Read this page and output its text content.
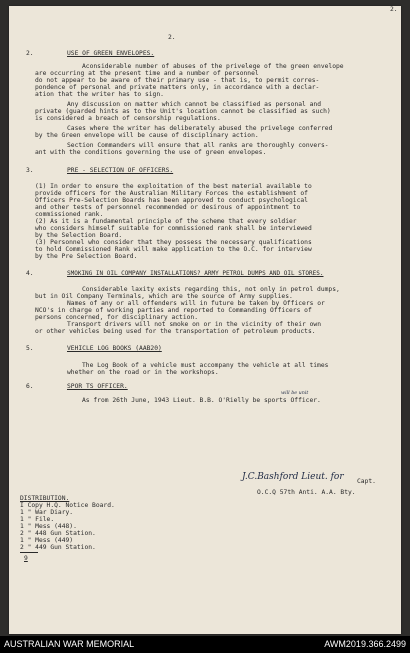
2.
2.
2.	USE OF GREEN ENVELOPES.
Aconsiderable number of abuses of the privelege of the green envelope
are occurring at the present time and a number of personnel
do not appear to be aware of their primary use - that is, to permit corres-
pondence of personal and private matters only, in accordance with a declar-
ation that the writer has to sign.
Any discussion on matter which cannot be classified as personal and
private (guarded hints as to the Unit's location cannot be classified as such)
is considered a breach of censorship regulations.
Cases where the writer has deliberately abused the privelege conferred
by the Green envelope will be cause of disciplinary action.
Section Commanders will ensure that all ranks are thoroughly convers-
ant with the conditions governing the use of green envelopes.
3.	PRE - SELECTION OF OFFICERS.
(1) In order to ensure the exploitation of the best material available to
provide officers for the Australian Military Forces the establishment of
Officers Pre-Selection Boards has been approved to conduct psychological
and other tests of personnel recommended or desirous of appointment to
commissioned rank.
(2) As it is a fundamental principle of the scheme that every soldier
who considers himself suitable for commissioned rank shall be interviewed
by the Selection Board.
(3) Personnel who consider that they possess the necessary qualifications
to hold Commissioned Rank will make application to the O.C. for interview
by the Pre Selection Board.
4.	SMOKING IN OIL COMPANY INSTALLATIONS? ARMY PETROL DUMPS AND OIL STORES.
Considerable laxity exists regarding this, not only in petrol dumps,
but in Oil Company Terminals, which are the source of Army supplies.
Names of any or all offenders will in future be taken by Officers or
NCO's in charge of working parties and reported to Commanding Officers of
persons concerned, for disciplinary action.
Transport drivers will not smoke on or in the vicinity of their own
or other vehicles being used for the transportation of petroleum products.
5.	VEHICLE LOG BOOKS (AAB20)
The Log Book of a vehicle must accompany the vehicle at all times
whether on the road or in the workshops.
6.	SPOR TS OFFICER.
will be unit
As from 26th June, 1943 Lieut. B.B. O'Rielly be sports Officer.
J.C.Bashford Lieut. for Capt.
O.C.Q 57th Anti. A.A. Bty.
DISTRIBUTION.
I Copy H.Q. Notice Board.
1 " War Diary.
1 " File.
1 " Mess (448).
2 " 448 Gun Station.
1 " Mess (449)
2 " 449 Gun Station.
9
AUSTRALIAN WAR MEMORIAL	AWM2019.366.2499
